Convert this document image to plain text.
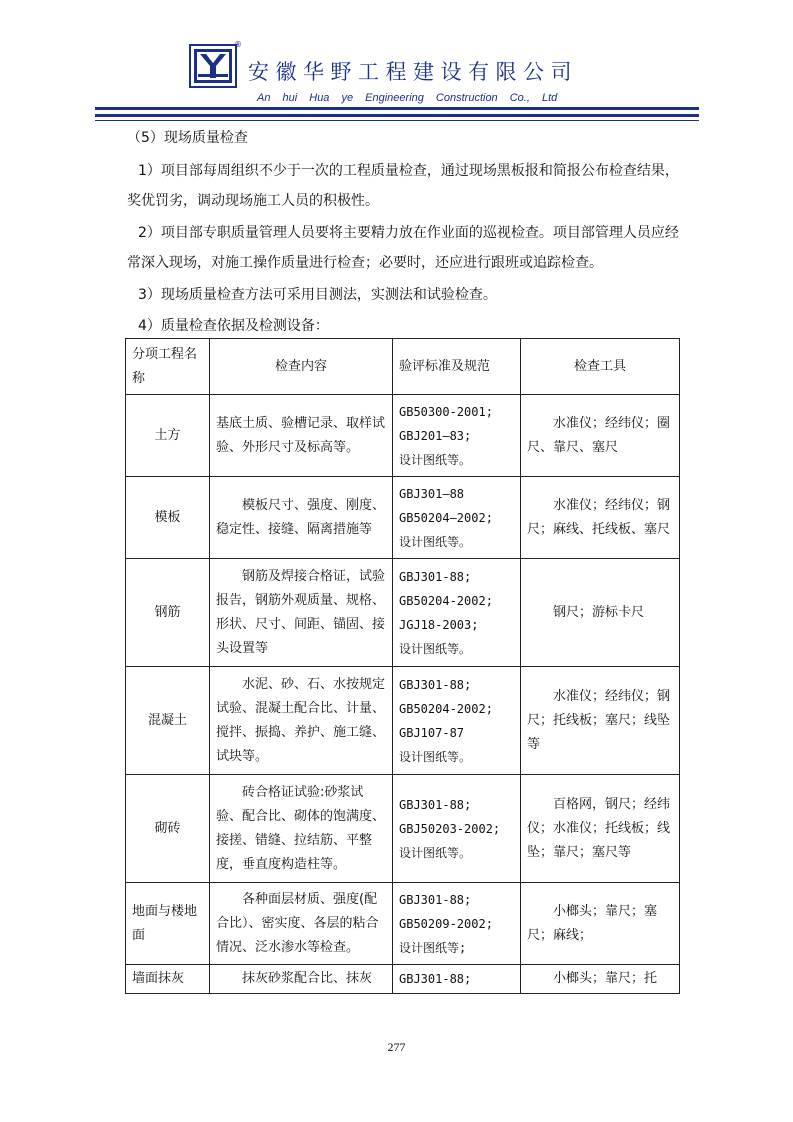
®
安徽华野工程建设有限公司
An hui Hua ye Engineering Construction Co., Ltd
（5）现场质量检查
1）项目部每周组织不少于一次的工程质量检查，通过现场黑板报和简报公布检查结果，奖优罚劣，调动现场施工人员的积极性。
2）项目部专职质量管理人员要将主要精力放在作业面的巡视检查。项目部管理人员应经常深入现场，对施工操作质量进行检查；必要时，还应进行跟班或追踪检查。
3）现场质量检查方法可采用目测法，实测法和试验检查。
4）质量检查依据及检测设备：
分项工程名称	检查内容	验评标准及规范	检查工具
土方	基底土质、验槽记录、取样试验、外形尺寸及标高等。	GB50300-2001;
GBJ201—83;
设计图纸等。	水准仪；经纬仪；圈尺、靠尺、塞尺
模板	模板尺寸、强度、刚度、稳定性、接缝、隔离措施等	GBJ301—88
GB50204—2002;
设计图纸等。	水准仪；经纬仪；钢尺；麻线、托线板、塞尺
钢筋	钢筋及焊接合格证，试验报告，钢筋外观质量、规格、形状、尺寸、间距、锚固、接头设置等	GBJ301-88;
GB50204-2002;
JGJ18-2003;
设计图纸等。	钢尺；游标卡尺
混凝土	水泥、砂、石、水按规定试验、混凝土配合比、计量、搅拌、振捣、养护、施工缝、试块等。	GBJ301-88;
GB50204-2002;
GBJ107-87
设计图纸等。	水准仪；经纬仪；钢尺；托线板；塞尺；线坠等
砌砖	砖合格证试验:砂浆试验、配合比、砌体的饱满度、接搓、错缝、拉结筋、平整度，垂直度构造柱等。	GBJ301-88;
GBJ50203-2002;
设计图纸等。	百格网，钢尺；经纬仪；水准仪；托线板；线坠；靠尺；塞尺等
地面与楼地面	各种面层材质、强度(配合比）、密实度、各层的粘合情况、泛水渗水等检查。	GBJ301-88;
GB50209-2002;
设计图纸等;	小榔头；靠尺；塞尺；麻线；
墙面抹灰	抹灰砂浆配合比、抹灰	GBJ301-88;	小榔头；靠尺；托
277
